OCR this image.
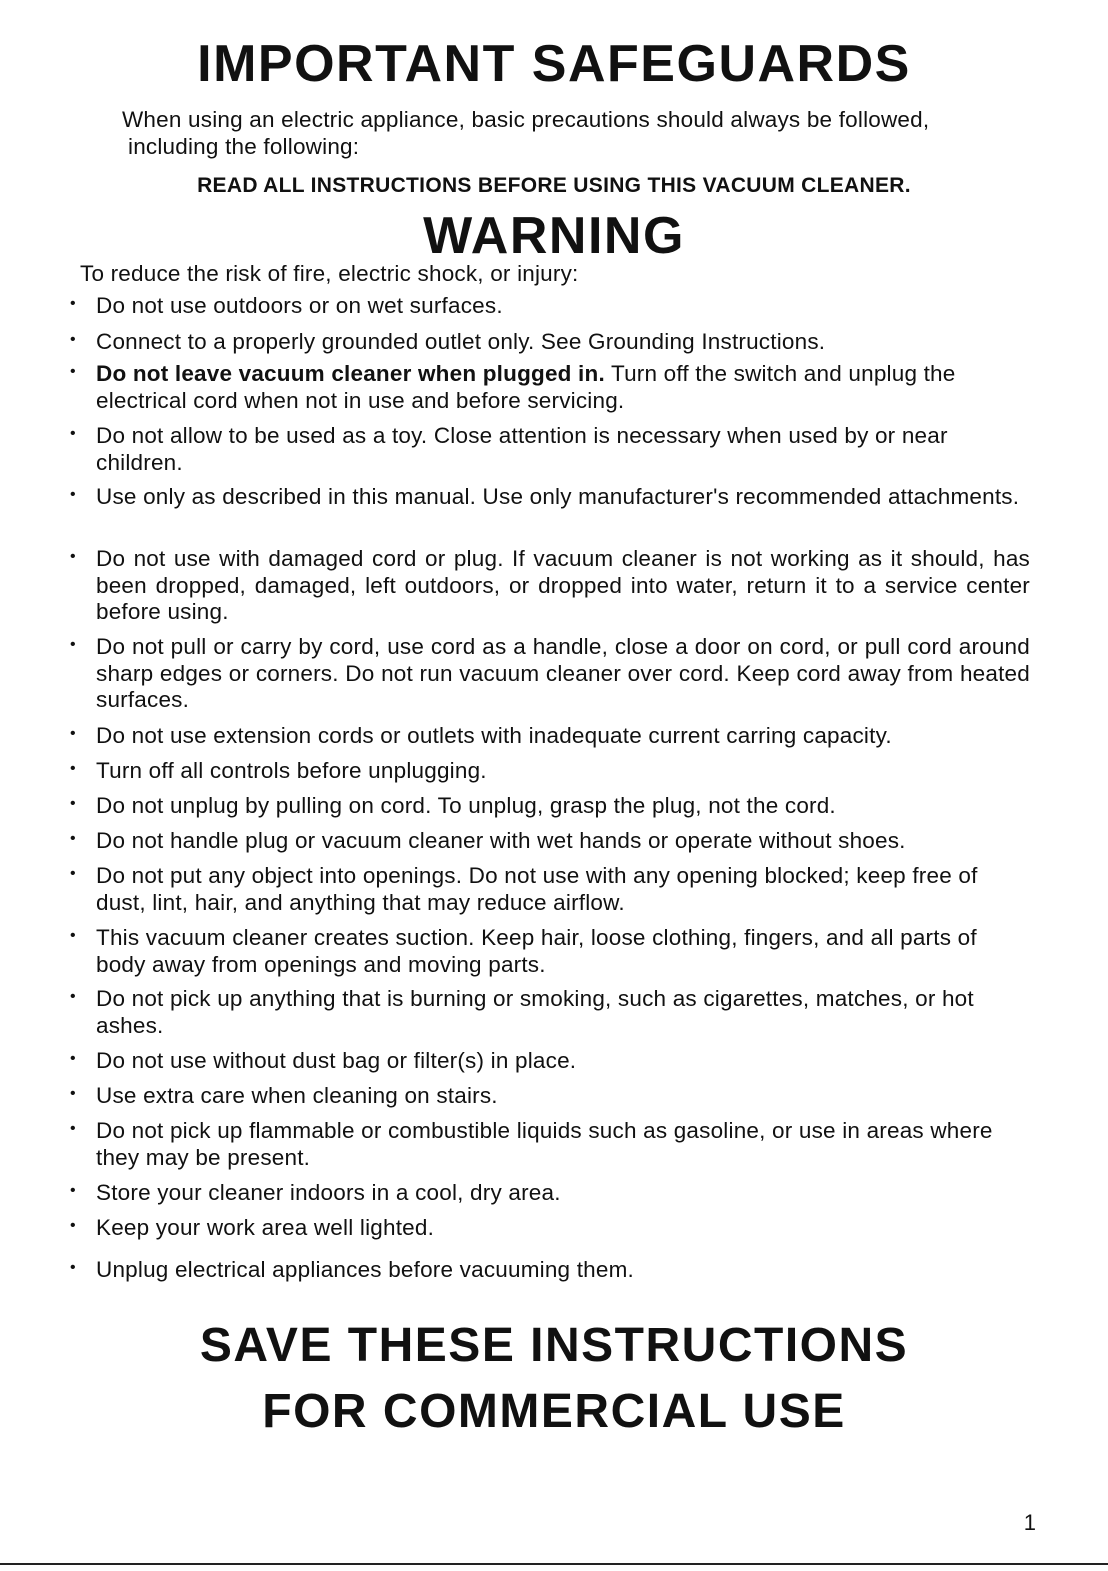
IMPORTANT SAFEGUARDS

When using an electric appliance, basic precautions should always be followed,
including the following:

READ ALL INSTRUCTIONS BEFORE USING THIS VACUUM CLEANER.

WARNING

To reduce the risk of fire, electric shock, or injury:

• Do not use outdoors or on wet surfaces.
• Connect to a properly grounded outlet only. See Grounding Instructions.
• Do not leave vacuum cleaner when plugged in. Turn off the switch and unplug the electrical cord when not in use and before servicing.
• Do not allow to be used as a toy. Close attention is necessary when used by or near children.
• Use only as described in this manual. Use only manufacturer's recommended attachments.
• Do not use with damaged cord or plug. If vacuum cleaner is not working as it should, has been dropped, damaged, left outdoors, or dropped into water, return it to a service center before using.
• Do not pull or carry by cord, use cord as a handle, close a door on cord, or pull cord around sharp edges or corners. Do not run vacuum cleaner over cord. Keep cord away from heated surfaces.
• Do not use extension cords or outlets with inadequate current carring capacity.
• Turn off all controls before unplugging.
• Do not unplug by pulling on cord. To unplug, grasp the plug, not the cord.
• Do not handle plug or vacuum cleaner with wet hands or operate without shoes.
• Do not put any object into openings. Do not use with any opening blocked; keep free of dust, lint, hair, and anything that may reduce airflow.
• This vacuum cleaner creates suction. Keep hair, loose clothing, fingers, and all parts of body away from openings and moving parts.
• Do not pick up anything that is burning or smoking, such as cigarettes, matches, or hot ashes.
• Do not use without dust bag or filter(s) in place.
• Use extra care when cleaning on stairs.
• Do not pick up flammable or combustible liquids such as gasoline, or use in areas where they may be present.
• Store your cleaner indoors in a cool, dry area.
• Keep your work area well lighted.
• Unplug electrical appliances before vacuuming them.

SAVE THESE INSTRUCTIONS

FOR COMMERCIAL USE

1
